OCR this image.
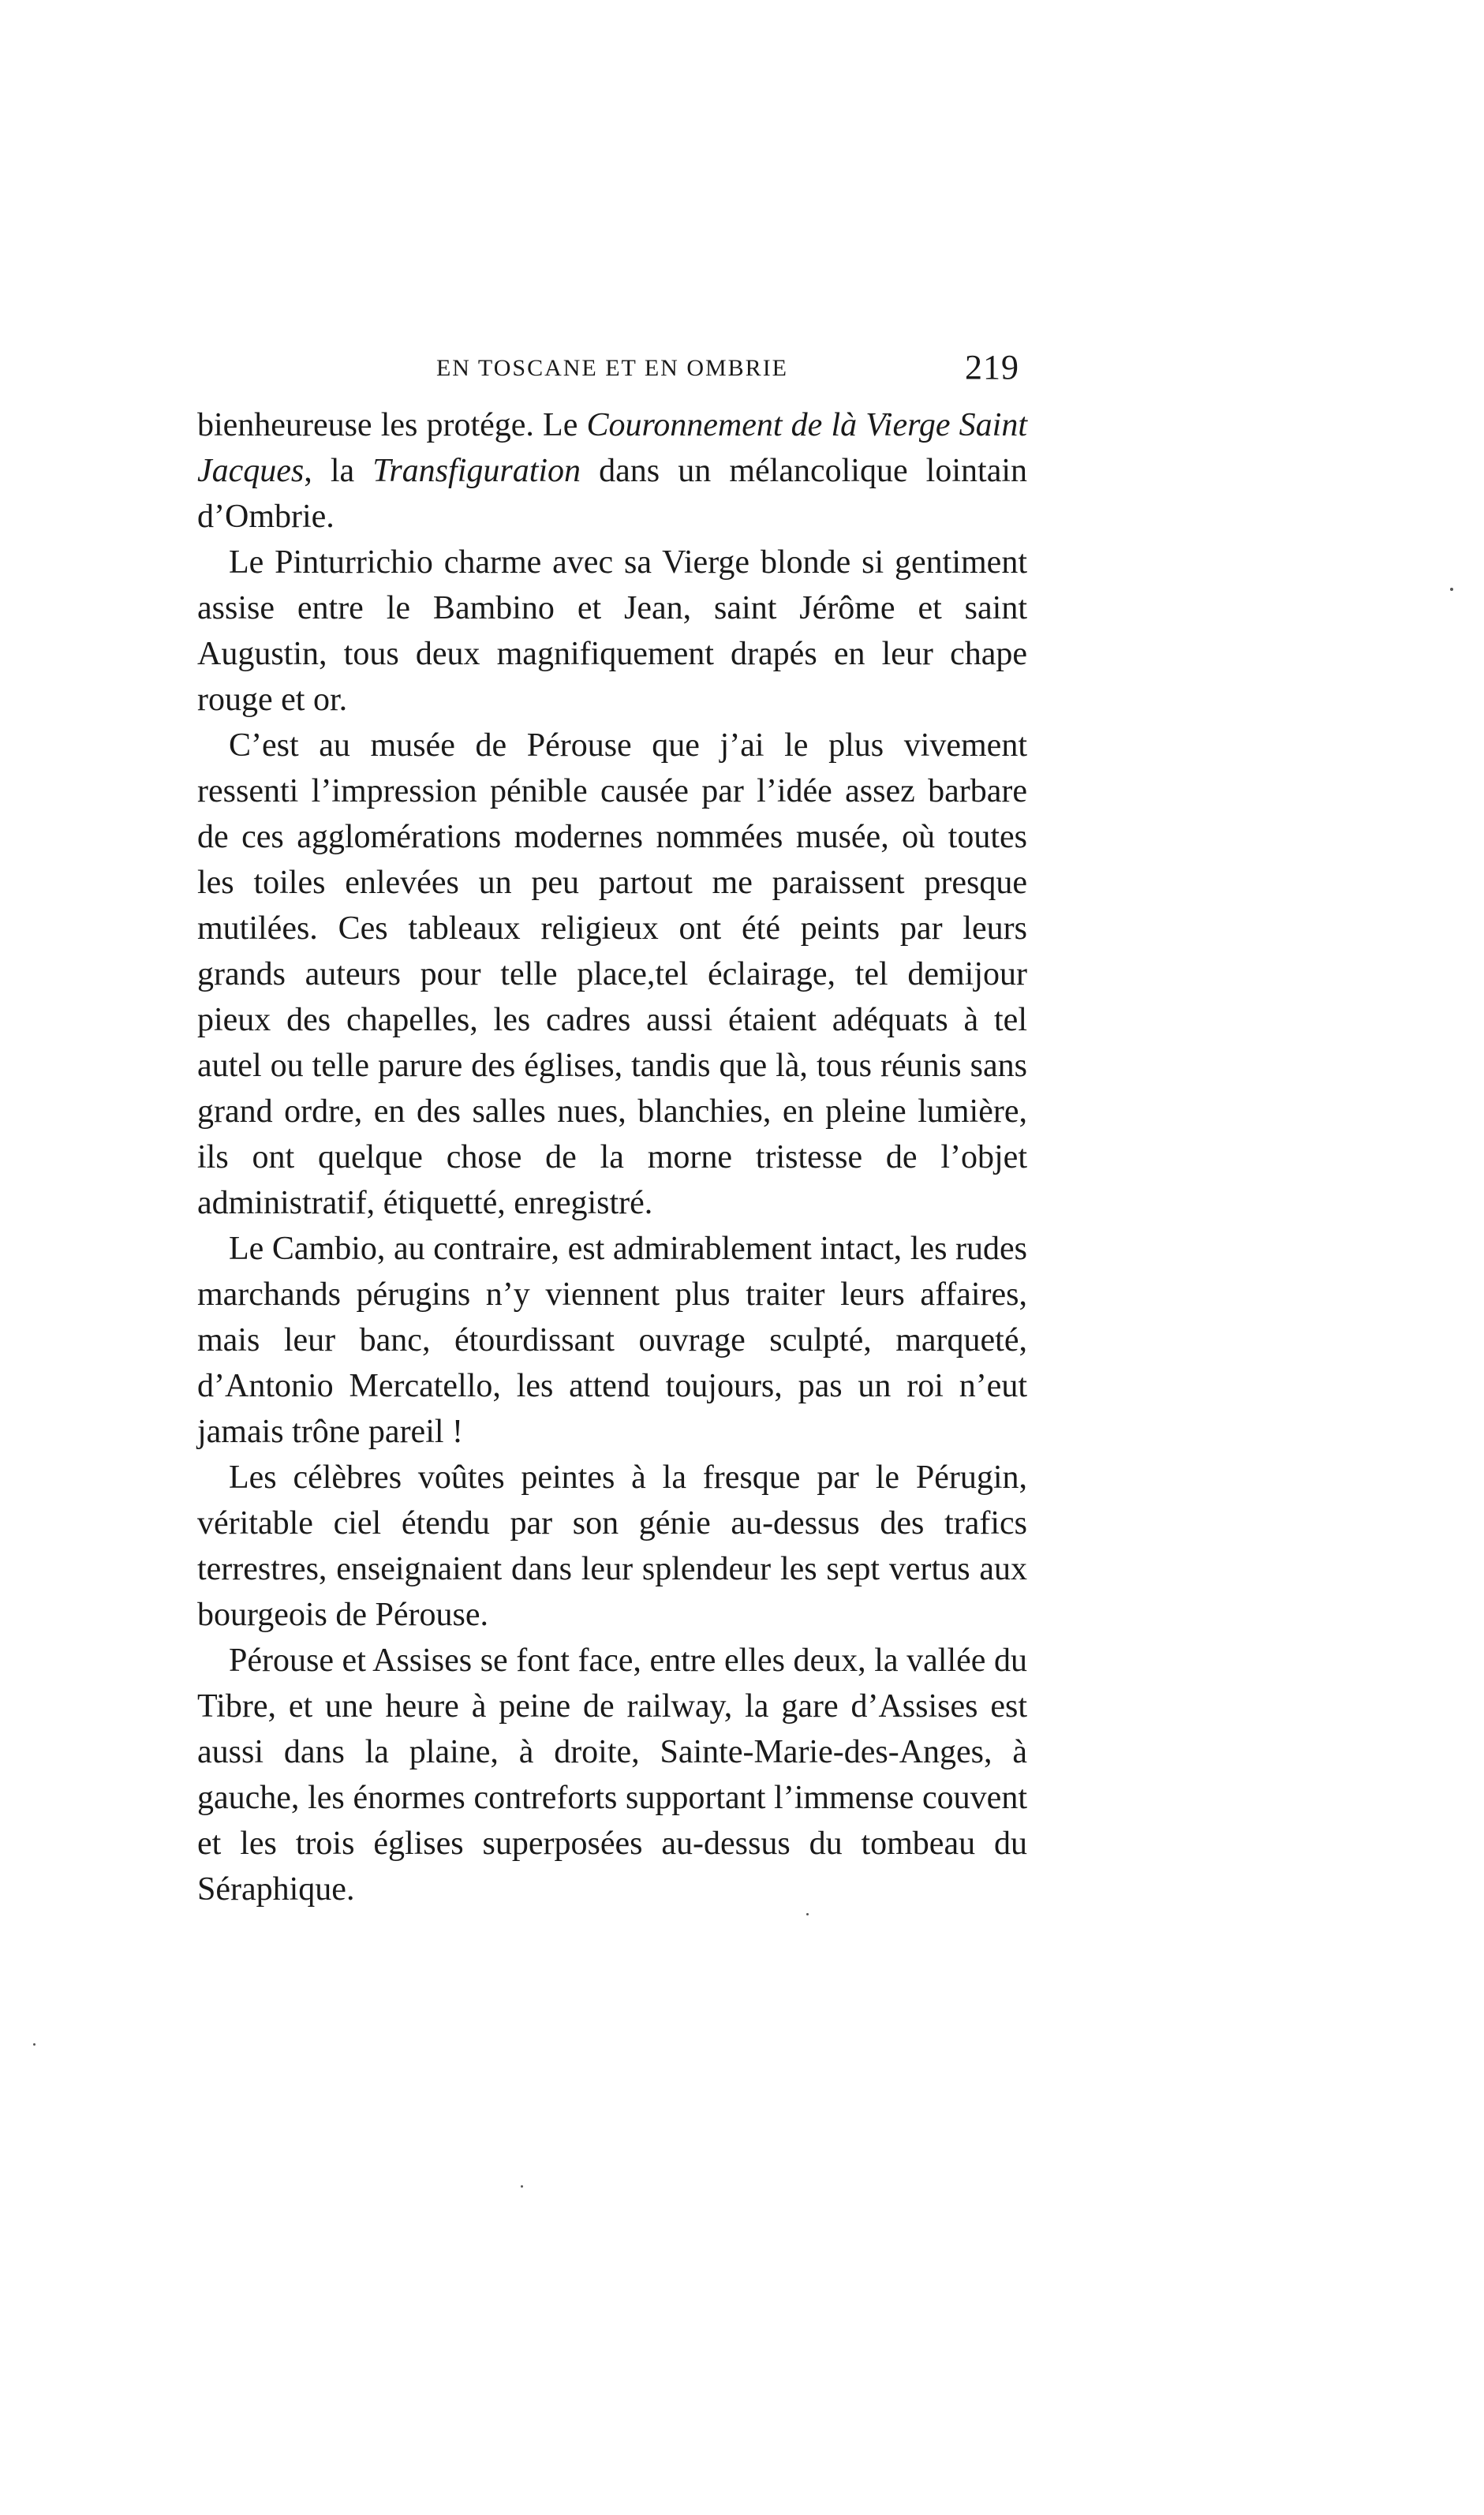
EN TOSCANE ET EN OMBRIE	219

bienheureuse les protége. Le Couronnement de là Vierge Saint Jacques, la Transfiguration dans un mélancolique lointain d’Ombrie.

Le Pinturrichio charme avec sa Vierge blonde si gentiment assise entre le Bambino et Jean, saint Jérôme et saint Augustin, tous deux magnifiquement drapés en leur chape rouge et or.

C’est au musée de Pérouse que j’ai le plus vivement ressenti l’impression pénible causée par l’idée assez barbare de ces agglomérations modernes nommées musée, où toutes les toiles enlevées un peu partout me paraissent presque mutilées. Ces tableaux religieux ont été peints par leurs grands auteurs pour telle place,tel éclairage, tel demijour pieux des chapelles, les cadres aussi étaient adéquats à tel autel ou telle parure des églises, tandis que là, tous réunis sans grand ordre, en des salles nues, blanchies, en pleine lumière, ils ont quelque chose de la morne tristesse de l’objet administratif, étiquetté, enregistré.

Le Cambio, au contraire, est admirablement intact, les rudes marchands pérugins n’y viennent plus traiter leurs affaires, mais leur banc, étourdissant ouvrage sculpté, marqueté, d’Antonio Mercatello, les attend toujours, pas un roi n’eut jamais trône pareil !

Les célèbres voûtes peintes à la fresque par le Pérugin, véritable ciel étendu par son génie au-dessus des trafics terrestres, enseignaient dans leur splendeur les sept vertus aux bourgeois de Pérouse.

Pérouse et Assises se font face, entre elles deux, la vallée du Tibre, et une heure à peine de railway, la gare d’Assises est aussi dans la plaine, à droite, Sainte-Marie-des-Anges, à gauche, les énormes contreforts supportant l’immense couvent et les trois églises superposées au-dessus du tombeau du Séraphique.
